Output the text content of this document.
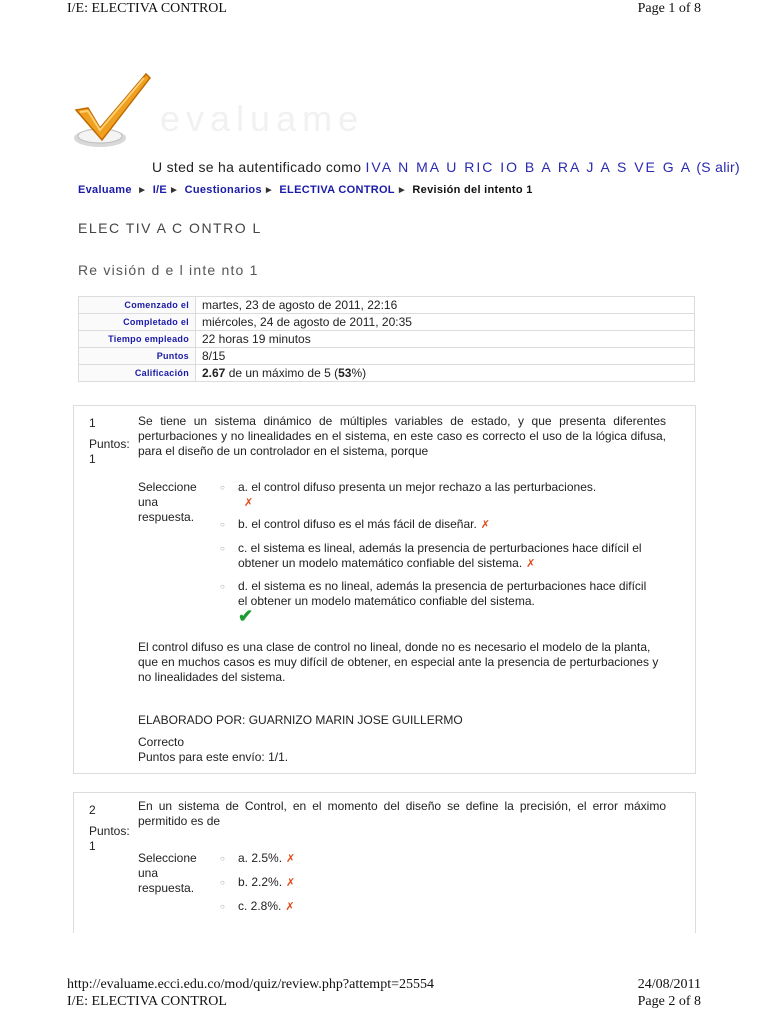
I/E: ELECTIVA CONTROL	Page 1 of 8
evaluame
U sted se ha autentificado como IVA N MA U RIC IO B A RA J A S VE G A (S alir)
Evaluame ► I/E ► Cuestionarios ► ELECTIVA CONTROL ► Revisión del intento 1
ELEC TIV A C ONTRO L
Re visión d e l inte nto 1
Comenzado el	martes, 23 de agosto de 2011, 22:16
Completado el	miércoles, 24 de agosto de 2011, 20:35
Tiempo empleado	22 horas 19 minutos
Puntos	8/15
Calificación	2.67 de un máximo de 5 (53%)
1
Puntos:
1
Se tiene un sistema dinámico de múltiples variables de estado, y que presenta diferentes perturbaciones y no linealidades en el sistema, en este caso es correcto el uso de la lógica difusa, para el diseño de un controlador en el sistema, porque
Seleccione una respuesta.
○ a. el control difuso presenta un mejor rechazo a las perturbaciones.
✗
○ b. el control difuso es el más fácil de diseñar. ✗
○ c. el sistema es lineal, además la presencia de perturbaciones hace difícil el obtener un modelo matemático confiable del sistema. ✗
○ d. el sistema es no lineal, además la presencia de perturbaciones hace difícil el obtener un modelo matemático confiable del sistema.
✔
El control difuso es una clase de control no lineal, donde no es necesario el modelo de la planta, que en muchos casos es muy difícil de obtener, en especial ante la presencia de perturbaciones y no linealidades del sistema.
ELABORADO POR: GUARNIZO MARIN JOSE GUILLERMO
Correcto
Puntos para este envío: 1/1.
2
Puntos:
1
En un sistema de Control, en el momento del diseño se define la precisión, el error máximo permitido es de
Seleccione una respuesta.
○ a. 2.5%. ✗
○ b. 2.2%. ✗
○ c. 2.8%. ✗
http://evaluame.ecci.edu.co/mod/quiz/review.php?attempt=25554	24/08/2011
I/E: ELECTIVA CONTROL	Page 2 of 8
